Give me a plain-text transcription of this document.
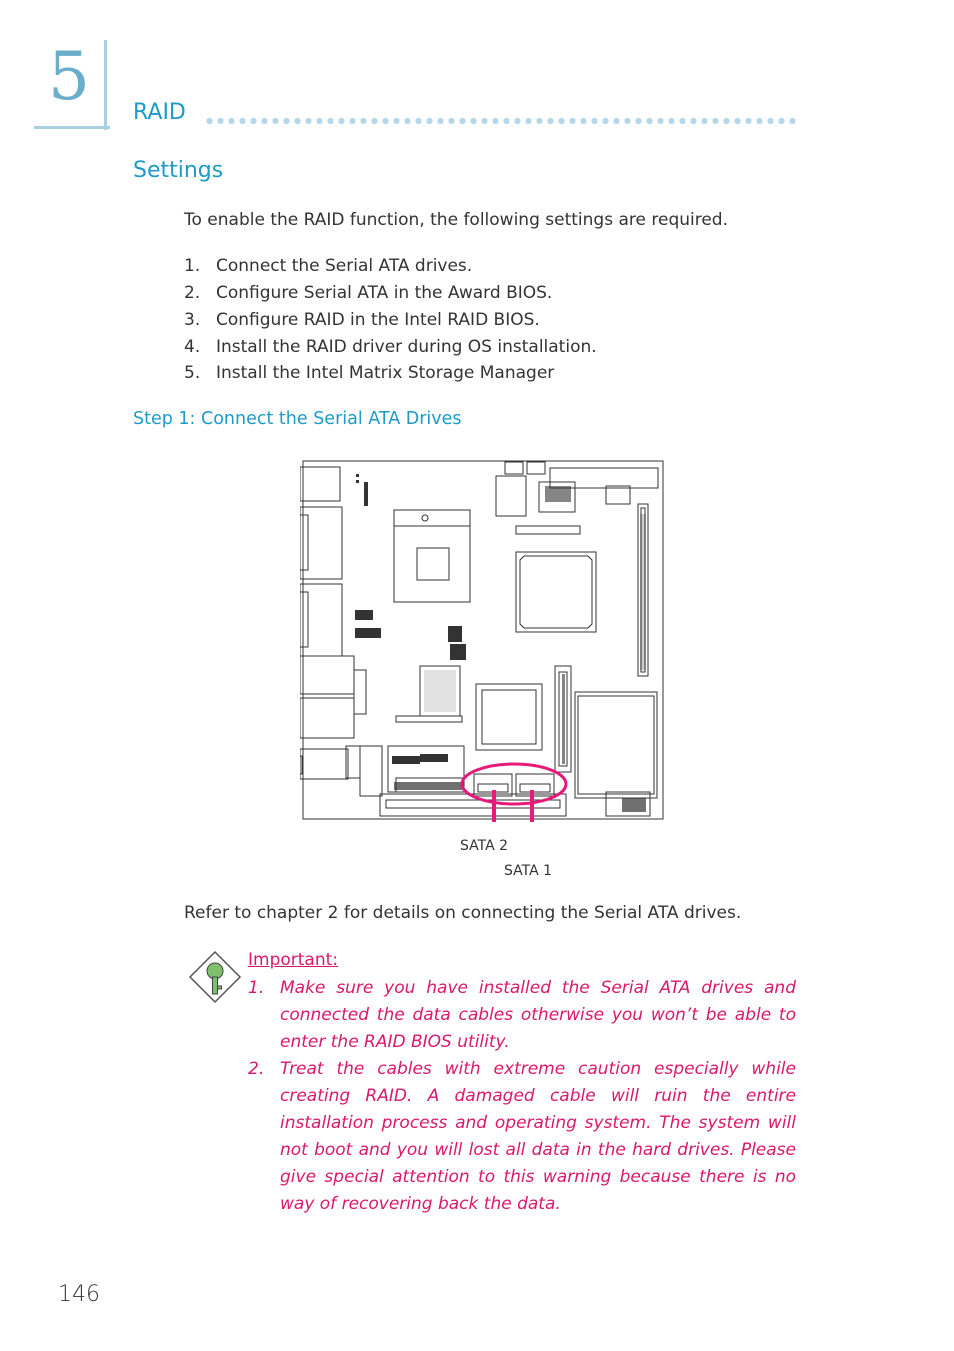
5 RAID
Settings
To enable the RAID function, the following settings are required.
1. Connect the Serial ATA drives.
2. Configure Serial ATA in the Award BIOS.
3. Configure RAID in the Intel RAID BIOS.
4. Install the RAID driver during OS installation.
5. Install the Intel Matrix Storage Manager
Step 1: Connect the Serial ATA Drives
SATA 2
SATA 1
Refer to chapter 2 for details on connecting the Serial ATA drives.
Important:
1. Make sure you have installed the Serial ATA drives and connected the data cables otherwise you won’t be able to enter the RAID BIOS utility.
2. Treat the cables with extreme caution especially while creating RAID. A damaged cable will ruin the entire installation process and operating system. The system will not boot and you will lost all data in the hard drives. Please give special attention to this warning because there is no way of recovering back the data.
146
